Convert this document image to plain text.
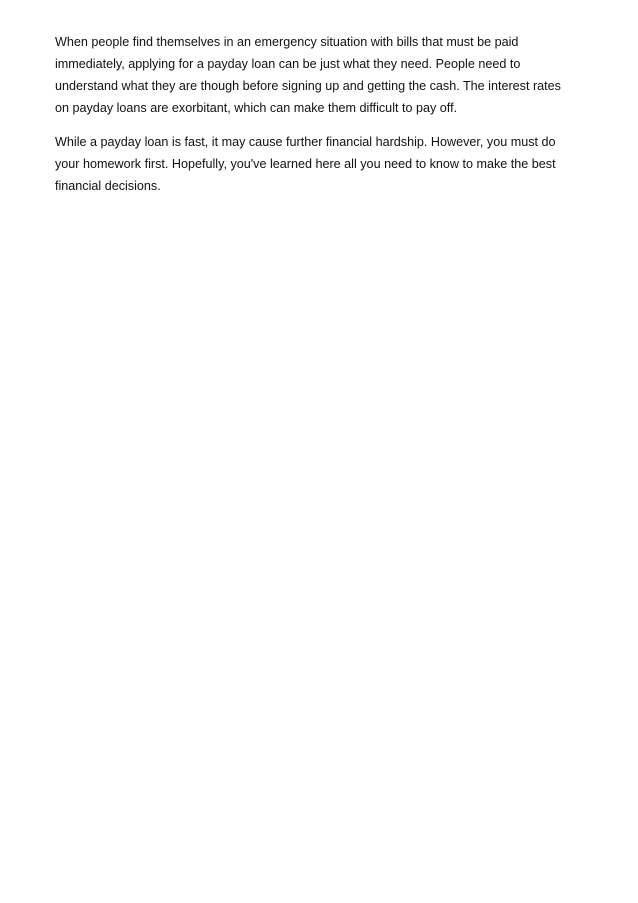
When people find themselves in an emergency situation with bills that must be paid
immediately, applying for a payday loan can be just what they need. People need to
understand what they are though before signing up and getting the cash. The interest rates
on payday loans are exorbitant, which can make them difficult to pay off.

While a payday loan is fast, it may cause further financial hardship. However, you must do
your homework first. Hopefully, you've learned here all you need to know to make the best
financial decisions.
